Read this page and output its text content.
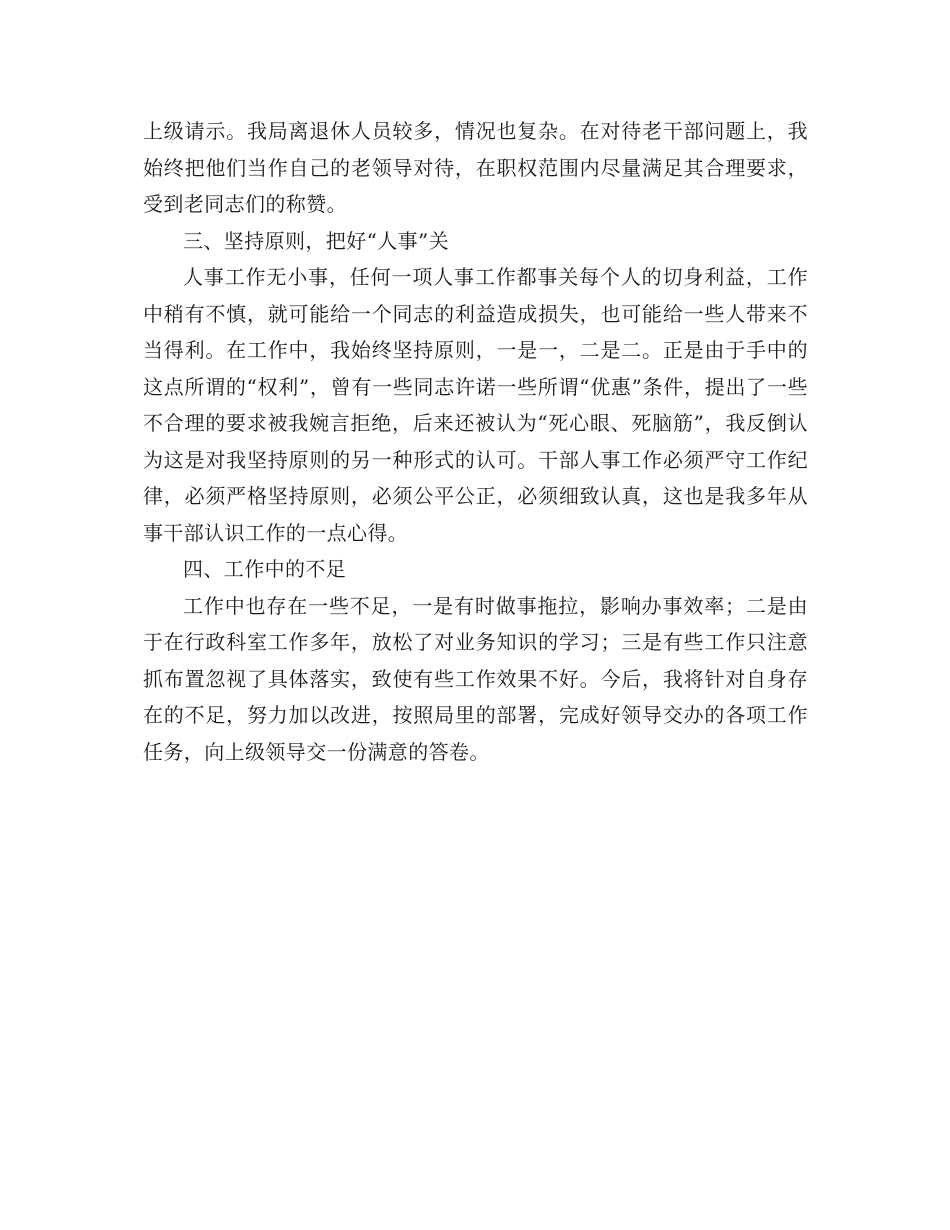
上级请示。我局离退休人员较多，情况也复杂。在对待老干部问题上，我始终把他们当作自己的老领导对待，在职权范围内尽量满足其合理要求，受到老同志们的称赞。

三、坚持原则，把好“人事”关

人事工作无小事，任何一项人事工作都事关每个人的切身利益，工作中稍有不慎，就可能给一个同志的利益造成损失，也可能给一些人带来不当得利。在工作中，我始终坚持原则，一是一，二是二。正是由于手中的这点所谓的“权利”，曾有一些同志许诺一些所谓“优惠”条件，提出了一些不合理的要求被我婉言拒绝，后来还被认为“死心眼、死脑筋”，我反倒认为这是对我坚持原则的另一种形式的认可。干部人事工作必须严守工作纪律，必须严格坚持原则，必须公平公正，必须细致认真，这也是我多年从事干部认识工作的一点心得。

四、工作中的不足

工作中也存在一些不足，一是有时做事拖拉，影响办事效率；二是由于在行政科室工作多年，放松了对业务知识的学习；三是有些工作只注意抓布置忽视了具体落实，致使有些工作效果不好。今后，我将针对自身存在的不足，努力加以改进，按照局里的部署，完成好领导交办的各项工作任务，向上级领导交一份满意的答卷。
